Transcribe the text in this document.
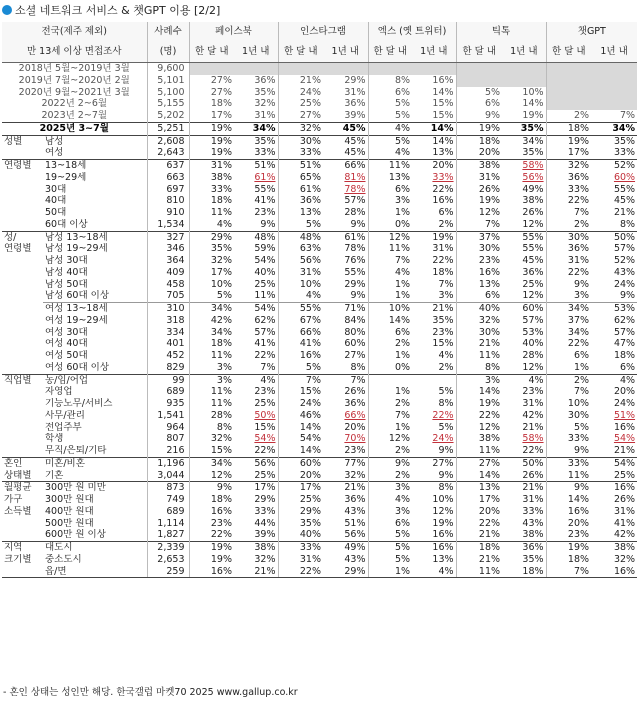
소셜 네트워크 서비스 & 챗GPT 이용 [2/2]
전국(제주 제외)		사례수	페이스북		인스타그램		엑스 (옛 트위터)		틱톡		챗GPT	
만 13세 이상 면접조사		(명)	한 달 내	1년 내	한 달 내	1년 내	한 달 내	1년 내	한 달 내	1년 내	한 달 내	1년 내
2018년 5월~2019년 3월		9,600										
2019년 7월~2020년 2월		5,101	27%	36%	21%	29%	8%	16%				
2020년 9월~2021년 3월		5,100	27%	35%	24%	31%	6%	14%	5%	10%		
2022년 2~6월		5,155	18%	32%	25%	36%	5%	15%	6%	14%		
2023년 2~7월		5,202	17%	31%	27%	39%	5%	15%	9%	19%	2%	7%
2025년 3~7월		5,251	19%	34%	32%	45%	4%	14%	19%	35%	18%	34%
성별	남성	2,608	19%	35%	30%	45%	5%	14%	18%	34%	19%	35%
	여성	2,643	19%	33%	33%	45%	4%	13%	20%	35%	17%	33%
연령별	13~18세	637	31%	51%	51%	66%	11%	20%	38%	58%	32%	52%
	19~29세	663	38%	61%	65%	81%	13%	33%	31%	56%	36%	60%
	30대	697	33%	55%	61%	78%	6%	22%	26%	49%	33%	55%
	40대	810	18%	41%	36%	57%	3%	16%	19%	38%	22%	45%
	50대	910	11%	23%	13%	28%	1%	6%	12%	26%	7%	21%
	60대 이상	1,534	4%	9%	5%	9%	0%	2%	7%	12%	2%	8%
성/	남성 13~18세	327	29%	48%	48%	61%	12%	19%	37%	55%	30%	50%
연령별	남성 19~29세	346	35%	59%	63%	78%	11%	31%	30%	55%	36%	57%
	남성 30대	364	32%	54%	56%	76%	7%	22%	23%	45%	31%	52%
	남성 40대	409	17%	40%	31%	55%	4%	18%	16%	36%	22%	43%
	남성 50대	458	10%	25%	10%	29%	1%	7%	13%	25%	9%	24%
	남성 60대 이상	705	5%	11%	4%	9%	1%	3%	6%	12%	3%	9%
	여성 13~18세	310	34%	54%	55%	71%	10%	21%	40%	60%	34%	53%
	여성 19~29세	318	42%	62%	67%	84%	14%	35%	32%	57%	37%	62%
	여성 30대	334	34%	57%	66%	80%	6%	23%	30%	53%	34%	57%
	여성 40대	401	18%	41%	41%	60%	2%	15%	21%	40%	22%	47%
	여성 50대	452	11%	22%	16%	27%	1%	4%	11%	28%	6%	18%
	여성 60대 이상	829	3%	7%	5%	8%	0%	2%	8%	12%	1%	6%
직업별	농/임/어업	99	3%	4%	7%	7%			3%	4%	2%	4%
	자영업	689	11%	23%	15%	26%	1%	5%	14%	23%	7%	20%
	기능노무/서비스	935	11%	25%	24%	36%	2%	8%	19%	31%	10%	24%
	사무/관리	1,541	28%	50%	46%	66%	7%	22%	22%	42%	30%	51%
	전업주부	964	8%	15%	14%	20%	1%	5%	12%	21%	5%	16%
	학생	807	32%	54%	54%	70%	12%	24%	38%	58%	33%	54%
	무직/은퇴/기타	216	15%	22%	14%	23%	2%	9%	11%	22%	9%	21%
혼인	미혼/비혼	1,196	34%	56%	60%	77%	9%	27%	27%	50%	33%	54%
상태별	기혼	3,044	12%	25%	20%	32%	2%	9%	14%	26%	11%	25%
월평균	300만 원 미만	873	9%	17%	17%	21%	3%	8%	13%	21%	9%	16%
가구	300만 원대	749	18%	29%	25%	36%	4%	10%	17%	31%	14%	26%
소득별	400만 원대	689	16%	33%	29%	43%	3%	12%	20%	33%	16%	31%
	500만 원대	1,114	23%	44%	35%	51%	6%	19%	22%	43%	20%	41%
	600만 원 이상	1,827	22%	39%	40%	56%	5%	16%	21%	38%	23%	42%
지역	대도시	2,339	19%	38%	33%	49%	5%	16%	18%	36%	19%	38%
크기별	중소도시	2,653	19%	32%	31%	43%	5%	13%	21%	35%	18%	32%
	읍/면	259	16%	21%	22%	29%	1%	4%	11%	18%	7%	16%
- 혼인 상태는 성인만 해당. 한국갤럽 마켓70 2025 www.gallup.co.kr
